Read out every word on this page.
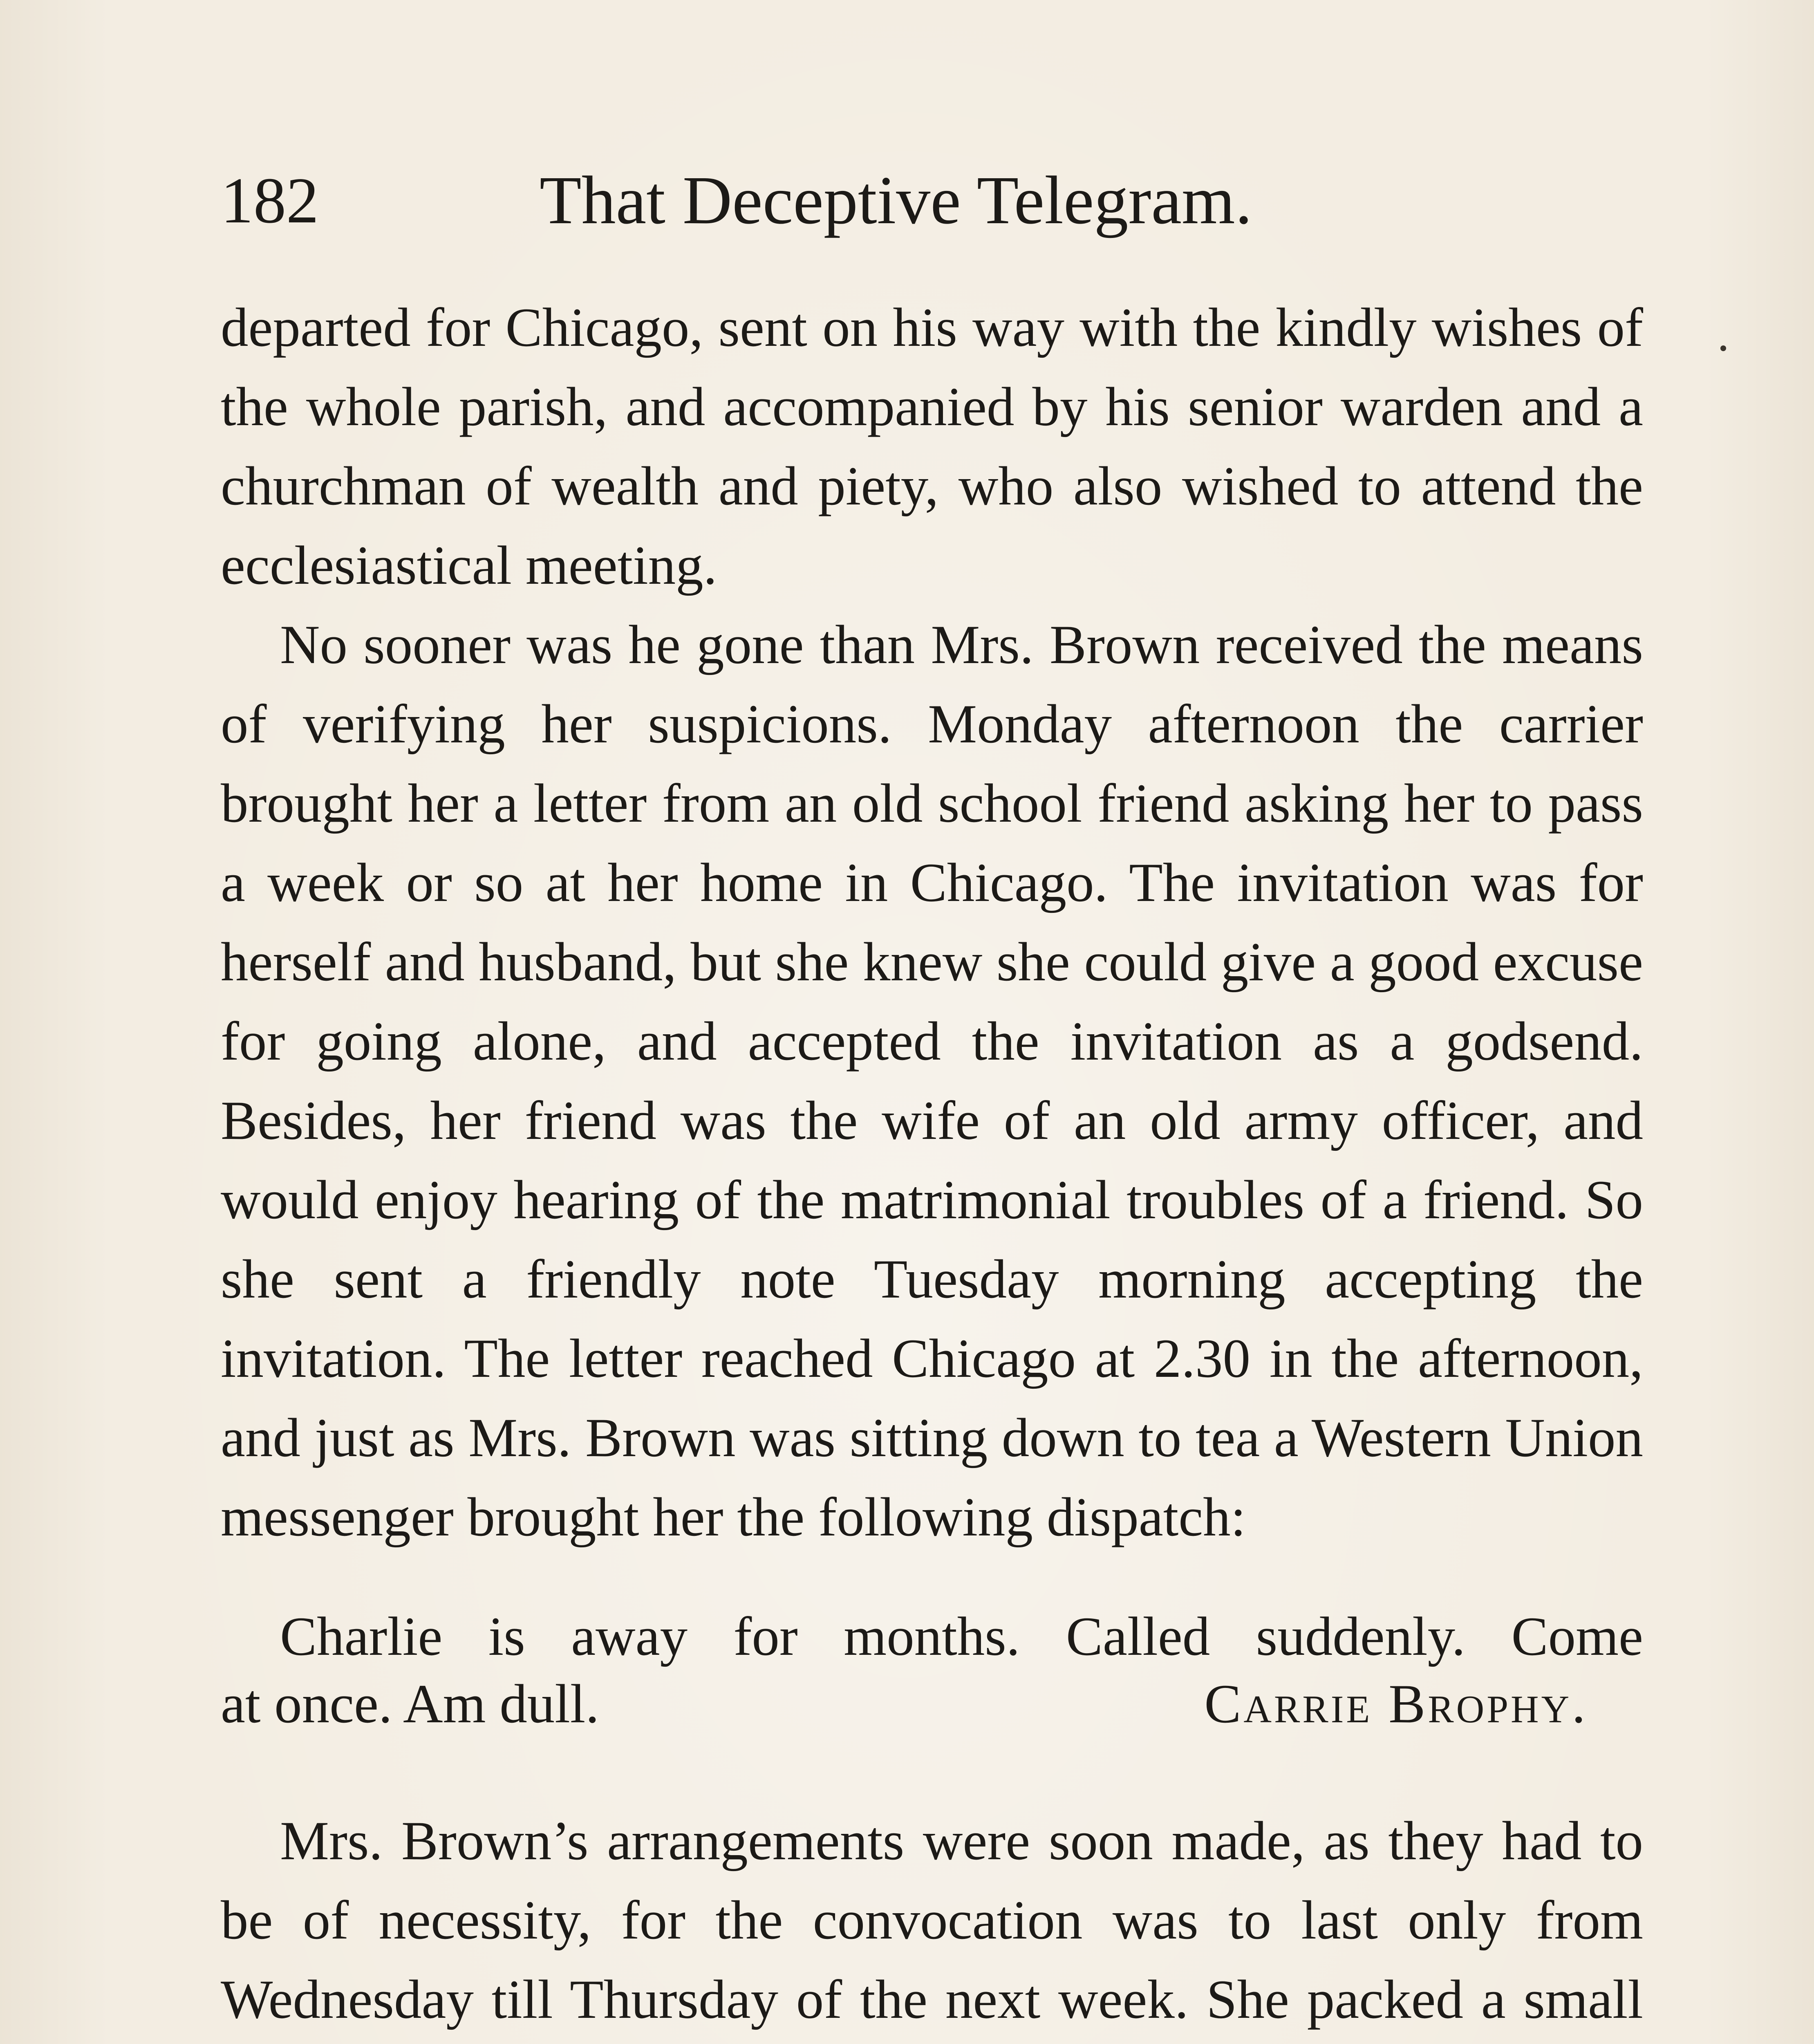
182	That Deceptive Telegram.

departed for Chicago, sent on his way with the kindly wishes of the whole parish, and accompanied by his senior warden and a churchman of wealth and piety, who also wished to attend the ecclesiastical meeting.

No sooner was he gone than Mrs. Brown received the means of verifying her suspicions. Monday afternoon the carrier brought her a letter from an old school friend asking her to pass a week or so at her home in Chicago. The invitation was for herself and husband, but she knew she could give a good excuse for going alone, and accepted the invitation as a godsend. Besides, her friend was the wife of an old army officer, and would enjoy hearing of the matrimonial troubles of a friend. So she sent a friendly note Tuesday morning accepting the invitation. The letter reached Chicago at 2.30 in the afternoon, and just as Mrs. Brown was sitting down to tea a Western Union messenger brought her the following dispatch:

Charlie is away for months. Called suddenly. Come
at once. Am dull.	Carrie Brophy.

Mrs. Brown’s arrangements were soon made, as they had to be of necessity, for the convocation was to last only from Wednesday till Thursday of the next week. She packed a small
